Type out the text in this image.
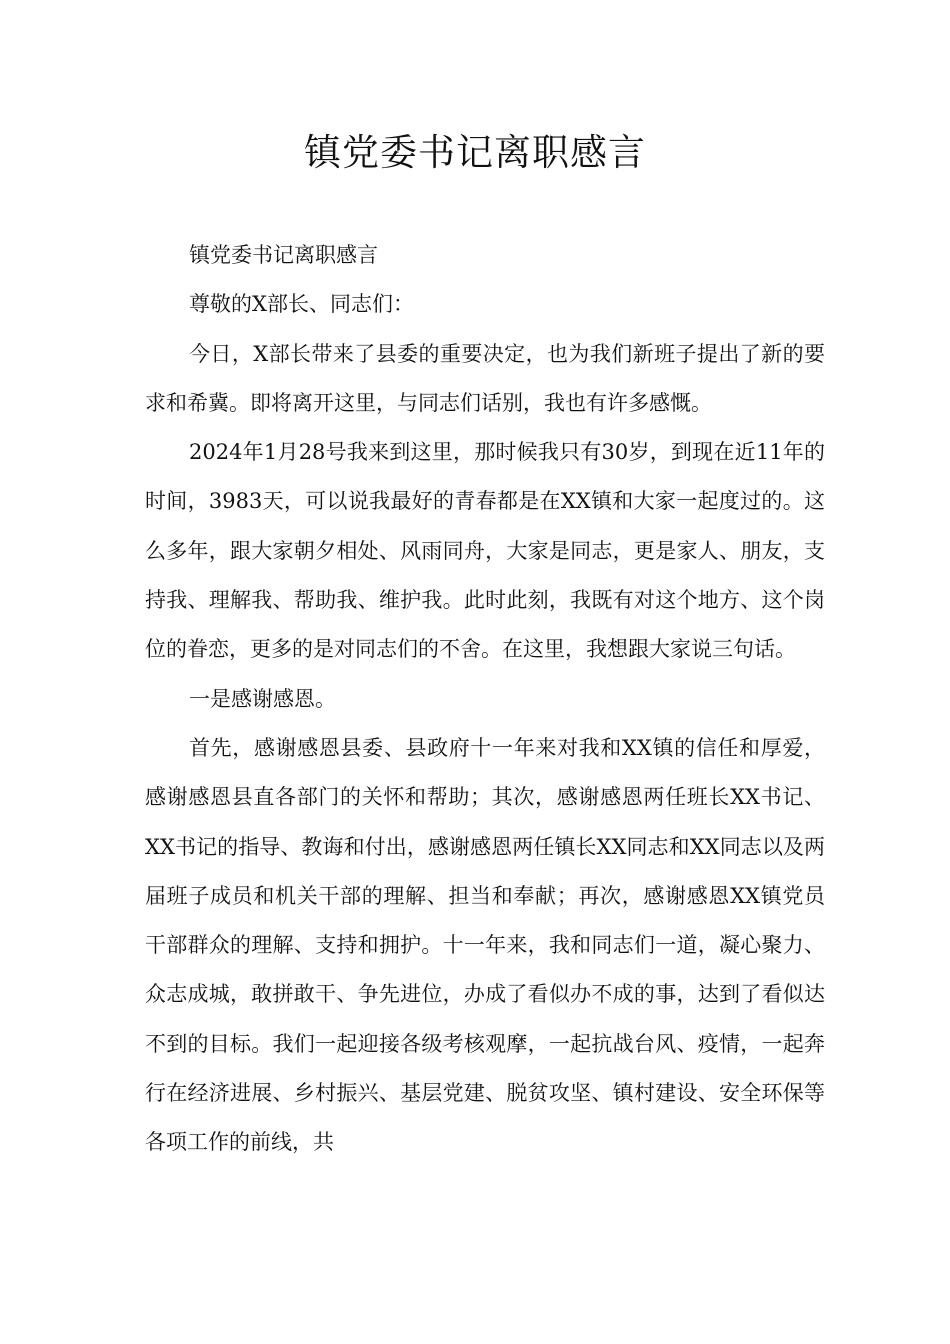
镇党委书记离职感言

镇党委书记离职感言

尊敬的X部长、同志们：

今日，X部长带来了县委的重要决定，也为我们新班子提出了新的要求和希冀。即将离开这里，与同志们话别，我也有许多感慨。

2024年1月28号我来到这里，那时候我只有30岁，到现在近11年的时间，3983天，可以说我最好的青春都是在XX镇和大家一起度过的。这么多年，跟大家朝夕相处、风雨同舟，大家是同志，更是家人、朋友，支持我、理解我、帮助我、维护我。此时此刻，我既有对这个地方、这个岗位的眷恋，更多的是对同志们的不舍。在这里，我想跟大家说三句话。

一是感谢感恩。

首先，感谢感恩县委、县政府十一年来对我和XX镇的信任和厚爱，感谢感恩县直各部门的关怀和帮助；其次，感谢感恩两任班长XX书记、XX书记的指导、教诲和付出，感谢感恩两任镇长XX同志和XX同志以及两届班子成员和机关干部的理解、担当和奉献；再次，感谢感恩XX镇党员干部群众的理解、支持和拥护。十一年来，我和同志们一道，凝心聚力、众志成城，敢拼敢干、争先进位，办成了看似办不成的事，达到了看似达不到的目标。我们一起迎接各级考核观摩，一起抗战台风、疫情，一起奔行在经济进展、乡村振兴、基层党建、脱贫攻坚、镇村建设、安全环保等各项工作的前线，共
